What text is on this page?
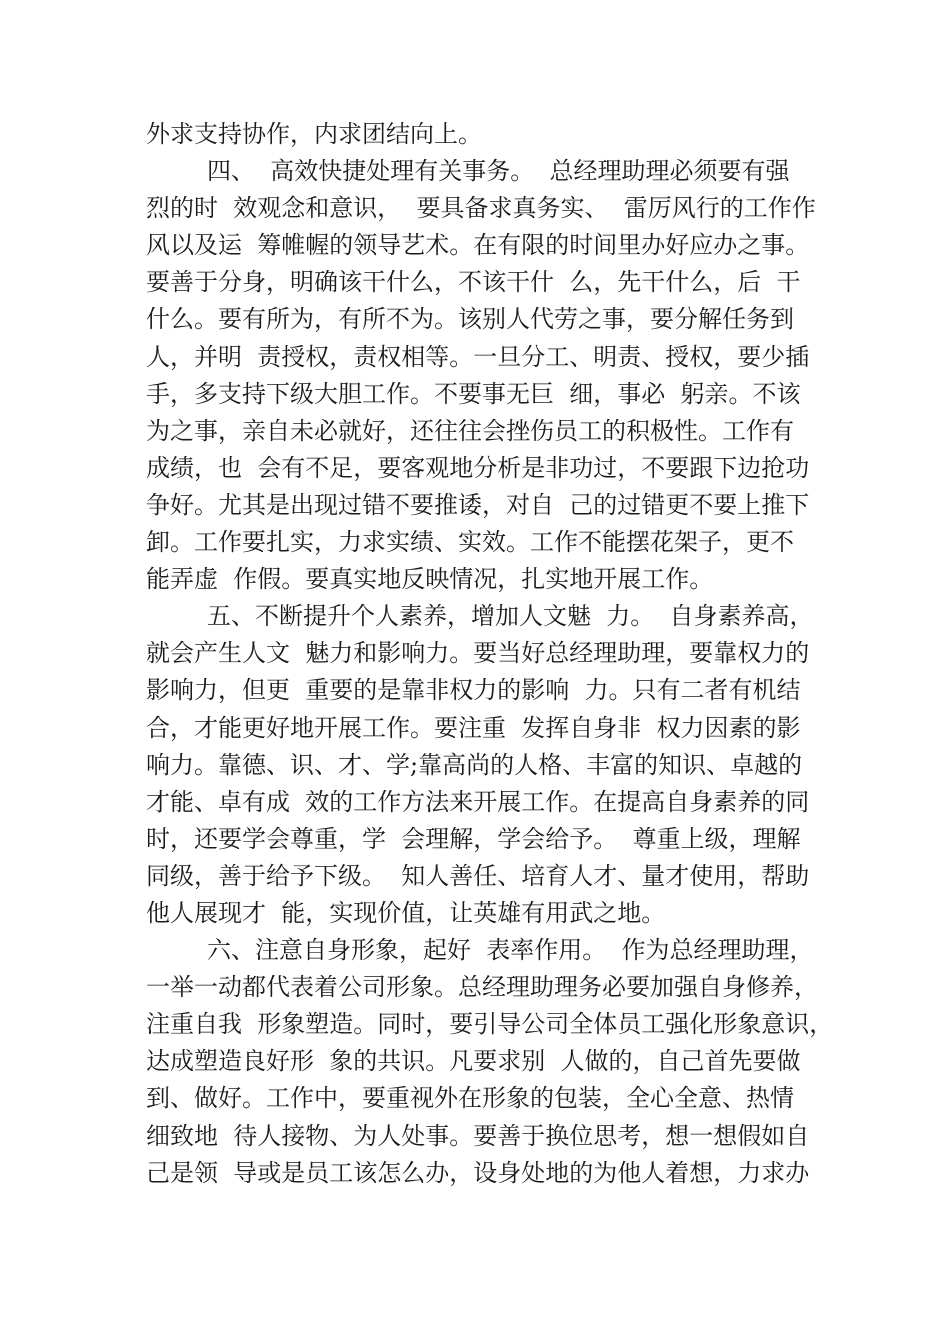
外求支持协作，内求团结向上。
四、  高效快捷处理有关事务。  总经理助理必须要有强
烈的时  效观念和意识，  要具备求真务实、  雷厉风行的工作作
风以及运  筹帷幄的领导艺术。在有限的时间里办好应办之事。
要善于分身，明确该干什么，不该干什  么，先干什么，后  干
什么。要有所为，有所不为。该别人代劳之事，要分解任务到
人，并明  责授权，责权相等。一旦分工、明责、授权，要少插
手，多支持下级大胆工作。不要事无巨  细，事必  躬亲。不该
为之事，亲自未必就好，还往往会挫伤员工的积极性。工作有
成绩，也  会有不足，要客观地分析是非功过，不要跟下边抢功
争好。尤其是出现过错不要推诿，对自  己的过错更不要上推下
卸。工作要扎实，力求实绩、实效。工作不能摆花架子，更不
能弄虚  作假。要真实地反映情况，扎实地开展工作。
五、不断提升个人素养，增加人文魅  力。  自身素养高，
就会产生人文  魅力和影响力。要当好总经理助理，要靠权力的
影响力，但更  重要的是靠非权力的影响  力。只有二者有机结
合，才能更好地开展工作。要注重  发挥自身非  权力因素的影
响力。靠德、识、才、学;靠高尚的人格、丰富的知识、卓越的
才能、卓有成  效的工作方法来开展工作。在提高自身素养的同
时，还要学会尊重，学  会理解，学会给予。  尊重上级，理解
同级，善于给予下级。  知人善任、培育人才、量才使用，帮助
他人展现才  能，实现价值，让英雄有用武之地。
六、注意自身形象，起好  表率作用。  作为总经理助理，
一举一动都代表着公司形象。总经理助理务必要加强自身修养，
注重自我  形象塑造。同时，要引导公司全体员工强化形象意识，
达成塑造良好形  象的共识。凡要求别  人做的，自己首先要做
到、做好。工作中，要重视外在形象的包装，全心全意、热情
细致地  待人接物、为人处事。要善于换位思考，想一想假如自
己是领  导或是员工该怎么办，设身处地的为他人着想，力求办
